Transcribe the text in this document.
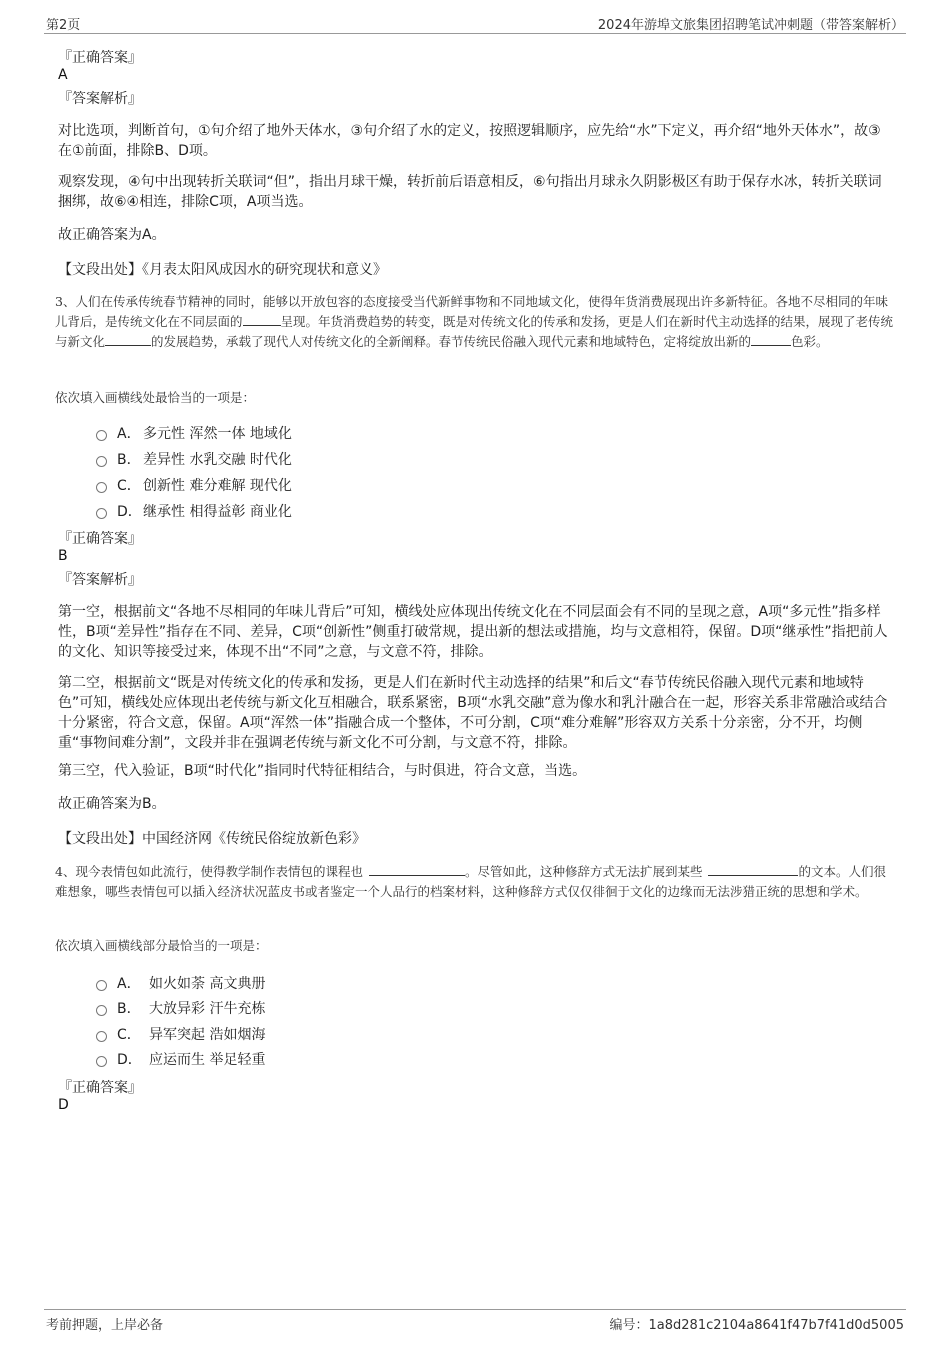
第2页	2024年游埠文旅集团招聘笔试冲刺题（带答案解析）
『正确答案』
A
『答案解析』
对比选项，判断首句，①句介绍了地外天体水，③句介绍了水的定义，按照逻辑顺序，应先给“水”下定义，再介绍“地外天体水”，故③在①前面，排除B、D项。
观察发现，④句中出现转折关联词“但”，指出月球干燥，转折前后语意相反，⑥句指出月球永久阴影极区有助于保存水冰，转折关联词捆绑，故⑥④相连，排除C项，A项当选。
故正确答案为A。
【文段出处】《月表太阳风成因水的研究现状和意义》
3、人们在传承传统春节精神的同时，能够以开放包容的态度接受当代新鲜事物和不同地域文化，使得年货消费展现出许多新特征。各地不尽相同的年味儿背后，是传统文化在不同层面的	呈现。年货消费趋势的转变，既是对传统文化的传承和发扬，更是人们在新时代主动选择的结果，展现了老传统与新文化	的发展趋势，承载了现代人对传统文化的全新阐释。春节传统民俗融入现代元素和地域特色，定将绽放出新的	色彩。
依次填入画横线处最恰当的一项是：
A． 多元性 浑然一体 地域化
B． 差异性 水乳交融 时代化
C． 创新性 难分难解 现代化
D． 继承性 相得益彰 商业化
『正确答案』
B
『答案解析』
第一空，根据前文“各地不尽相同的年味儿背后”可知，横线处应体现出传统文化在不同层面会有不同的呈现之意，A项“多元性”指多样性，B项“差异性”指存在不同、差异，C项“创新性”侧重打破常规，提出新的想法或措施，均与文意相符，保留。D项“继承性”指把前人的文化、知识等接受过来，体现不出“不同”之意，与文意不符，排除。
第二空，根据前文“既是对传统文化的传承和发扬，更是人们在新时代主动选择的结果”和后文“春节传统民俗融入现代元素和地域特色”可知，横线处应体现出老传统与新文化互相融合，联系紧密，B项“水乳交融”意为像水和乳汁融合在一起，形容关系非常融洽或结合十分紧密，符合文意，保留。A项“浑然一体”指融合成一个整体，不可分割，C项“难分难解”形容双方关系十分亲密，分不开，均侧重“事物间难分割”，文段并非在强调老传统与新文化不可分割，与文意不符，排除。
第三空，代入验证，B项“时代化”指同时代特征相结合，与时俱进，符合文意，当选。
故正确答案为B。
【文段出处】中国经济网《传统民俗绽放新色彩》
4、现今表情包如此流行，使得教学制作表情包的课程也	。尽管如此，这种修辞方式无法扩展到某些	的文本。人们很难想象，哪些表情包可以插入经济状况蓝皮书或者鉴定一个人品行的档案材料，这种修辞方式仅仅徘徊于文化的边缘而无法涉猎正统的思想和学术。
依次填入画横线部分最恰当的一项是：
A． 如火如荼 高文典册
B． 大放异彩 汗牛充栋
C． 异军突起 浩如烟海
D． 应运而生 举足轻重
『正确答案』
D
考前押题，上岸必备	编号：1a8d281c2104a8641f47b7f41d0d5005
